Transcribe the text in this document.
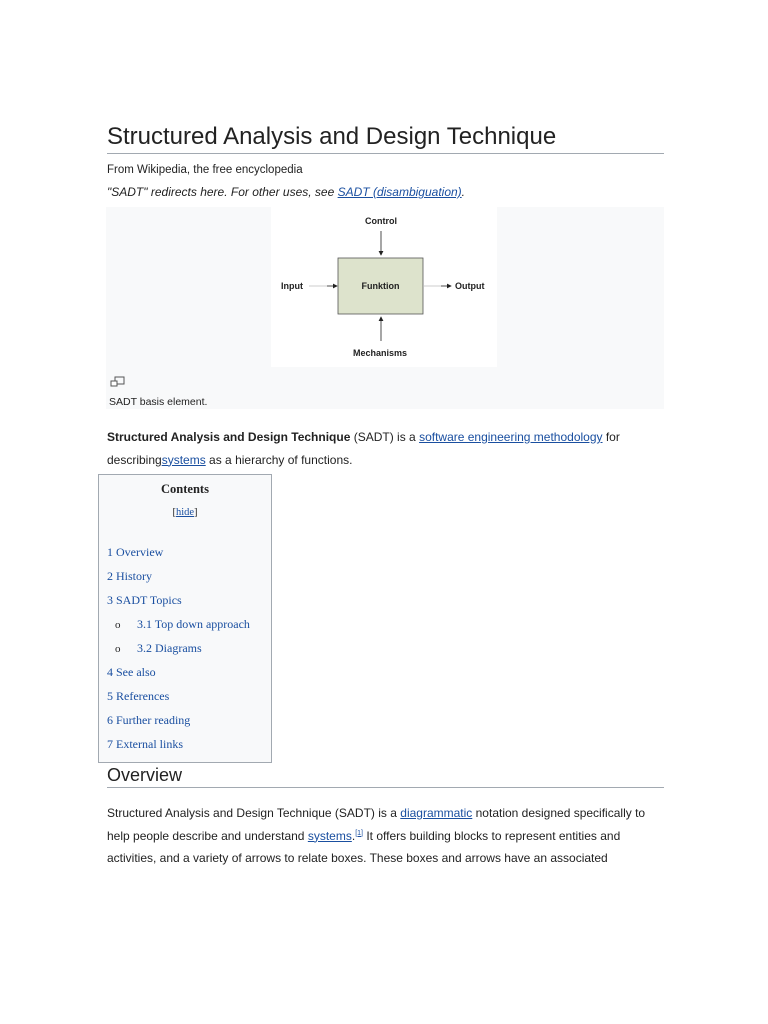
Structured Analysis and Design Technique
From Wikipedia, the free encyclopedia
"SADT" redirects here. For other uses, see SADT (disambiguation).
Control
Input	Funktion	Output
Mechanisms
SADT basis element.
Structured Analysis and Design Technique (SADT) is a software engineering methodology for describingsystems as a hierarchy of functions.
Contents
[hide]
1 Overview
2 History
3 SADT Topics
o 3.1 Top down approach
o 3.2 Diagrams
4 See also
5 References
6 Further reading
7 External links
Overview
Structured Analysis and Design Technique (SADT) is a diagrammatic notation designed specifically to help people describe and understand systems.[1] It offers building blocks to represent entities and activities, and a variety of arrows to relate boxes. These boxes and arrows have an associated
